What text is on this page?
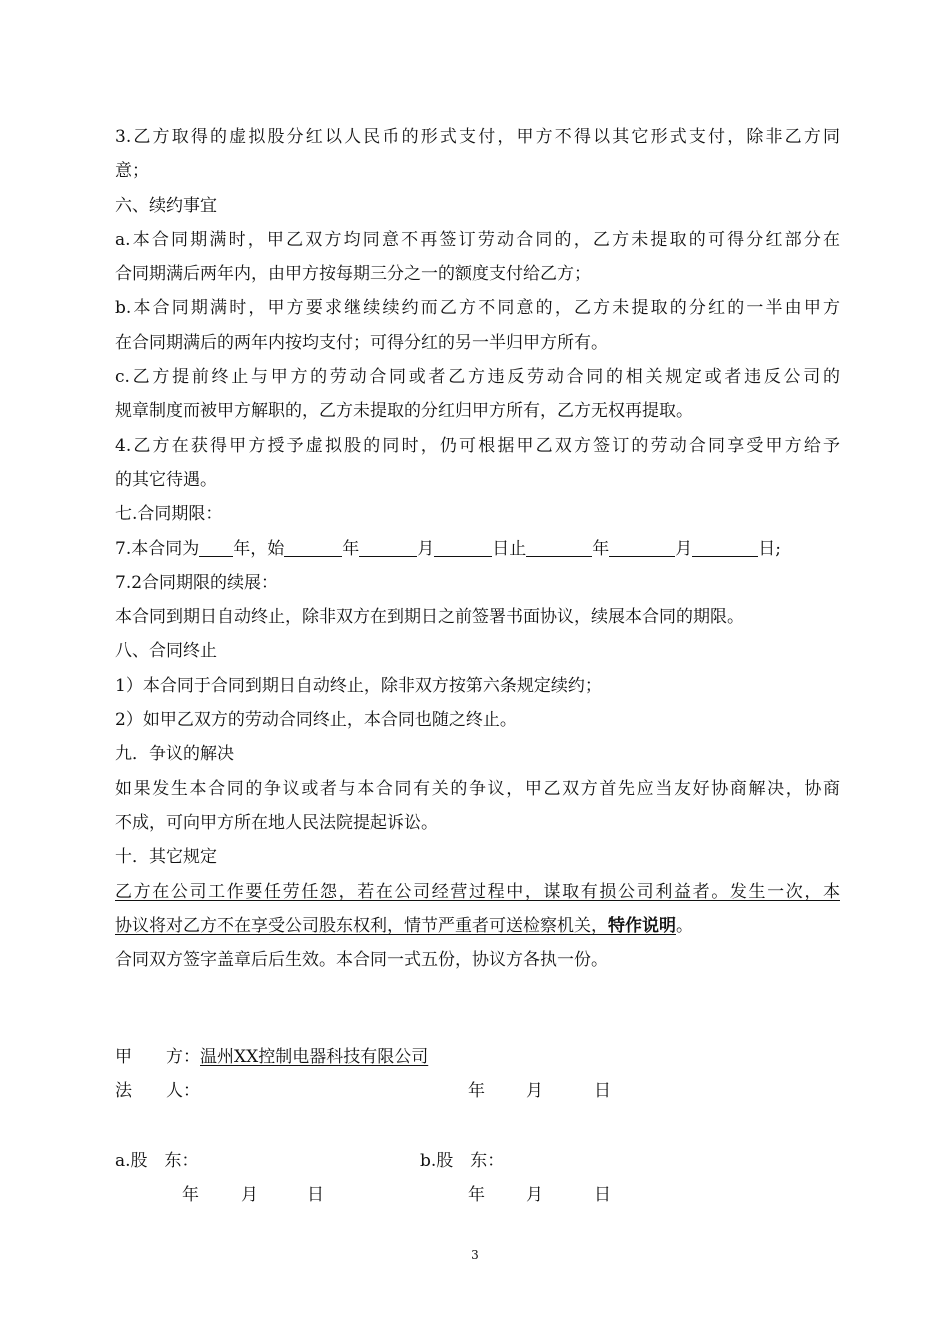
3.乙方取得的虚拟股分红以人民币的形式支付，甲方不得以其它形式支付，除非乙方同
意；
六、续约事宜
a.本合同期满时，甲乙双方均同意不再签订劳动合同的，乙方未提取的可得分红部分在
合同期满后两年内，由甲方按每期三分之一的额度支付给乙方；
b.本合同期满时，甲方要求继续续约而乙方不同意的，乙方未提取的分红的一半由甲方
在合同期满后的两年内按均支付；可得分红的另一半归甲方所有。
c.乙方提前终止与甲方的劳动合同或者乙方违反劳动合同的相关规定或者违反公司的
规章制度而被甲方解职的，乙方未提取的分红归甲方所有，乙方无权再提取。
4.乙方在获得甲方授予虚拟股的同时，仍可根据甲乙双方签订的劳动合同享受甲方给予
的其它待遇。
七.合同期限：
7.本合同为 年，始	年	月	日止	年	月	日;
7.2合同期限的续展：
本合同到期日自动终止，除非双方在到期日之前签署书面协议，续展本合同的期限。
八、合同终止
1）本合同于合同到期日自动终止，除非双方按第六条规定续约；
2）如甲乙双方的劳动合同终止，本合同也随之终止。
九．争议的解决
如果发生本合同的争议或者与本合同有关的争议，甲乙双方首先应当友好协商解决，协商
不成，可向甲方所在地人民法院提起诉讼。
十．其它规定
乙方在公司工作要任劳任怨，若在公司经营过程中，谋取有损公司利益者。发生一次，本
协议将对乙方不在享受公司股东权利，情节严重者可送检察机关，特作说明。
合同双方签字盖章后后生效。本合同一式五份，协议方各执一份。
甲　　方：温州XX控制电器科技有限公司
法　　人：	年 月	日
a.股　东：	b.股　东：
年 月	日	年 月	日
3
